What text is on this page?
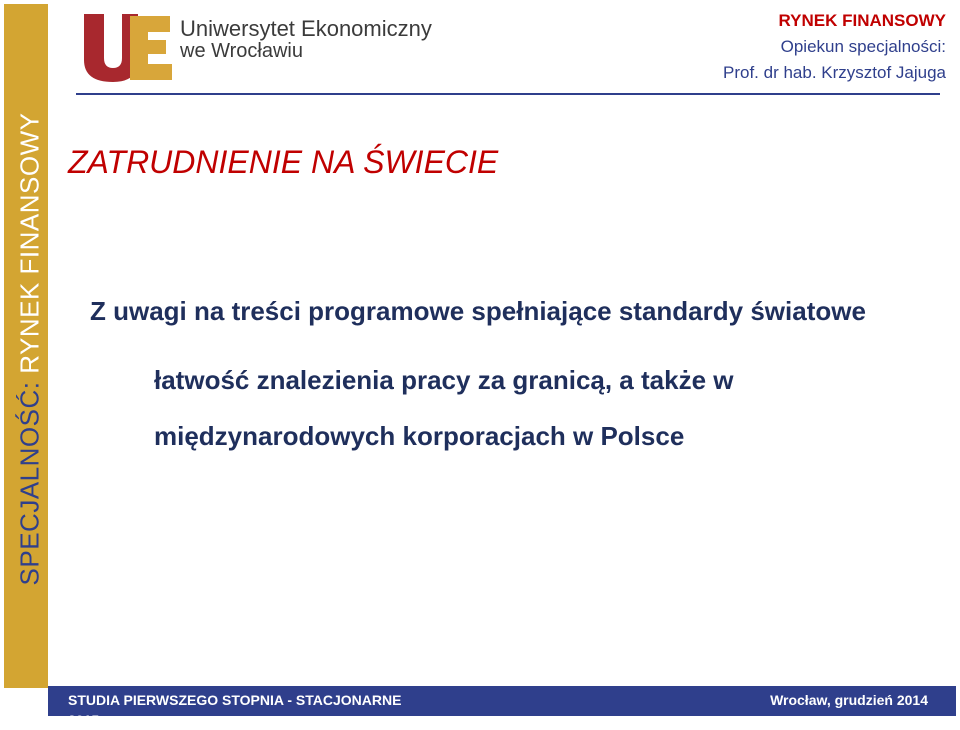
SPECJALNOŚĆ: RYNEK FINANSOWY
Uniwersytet Ekonomiczny
we Wrocławiu
RYNEK FINANSOWY
Opiekun specjalności:
Prof. dr hab. Krzysztof Jajuga
ZATRUDNIENIE NA ŚWIECIE
Z uwagi na treści programowe spełniające standardy światowe
łatwość znalezienia pracy za granicą, a także w
międzynarodowych korporacjach w Polsce
STUDIA PIERWSZEGO STOPNIA - STACJONARNE
2015
Wrocław, grudzień 2014
